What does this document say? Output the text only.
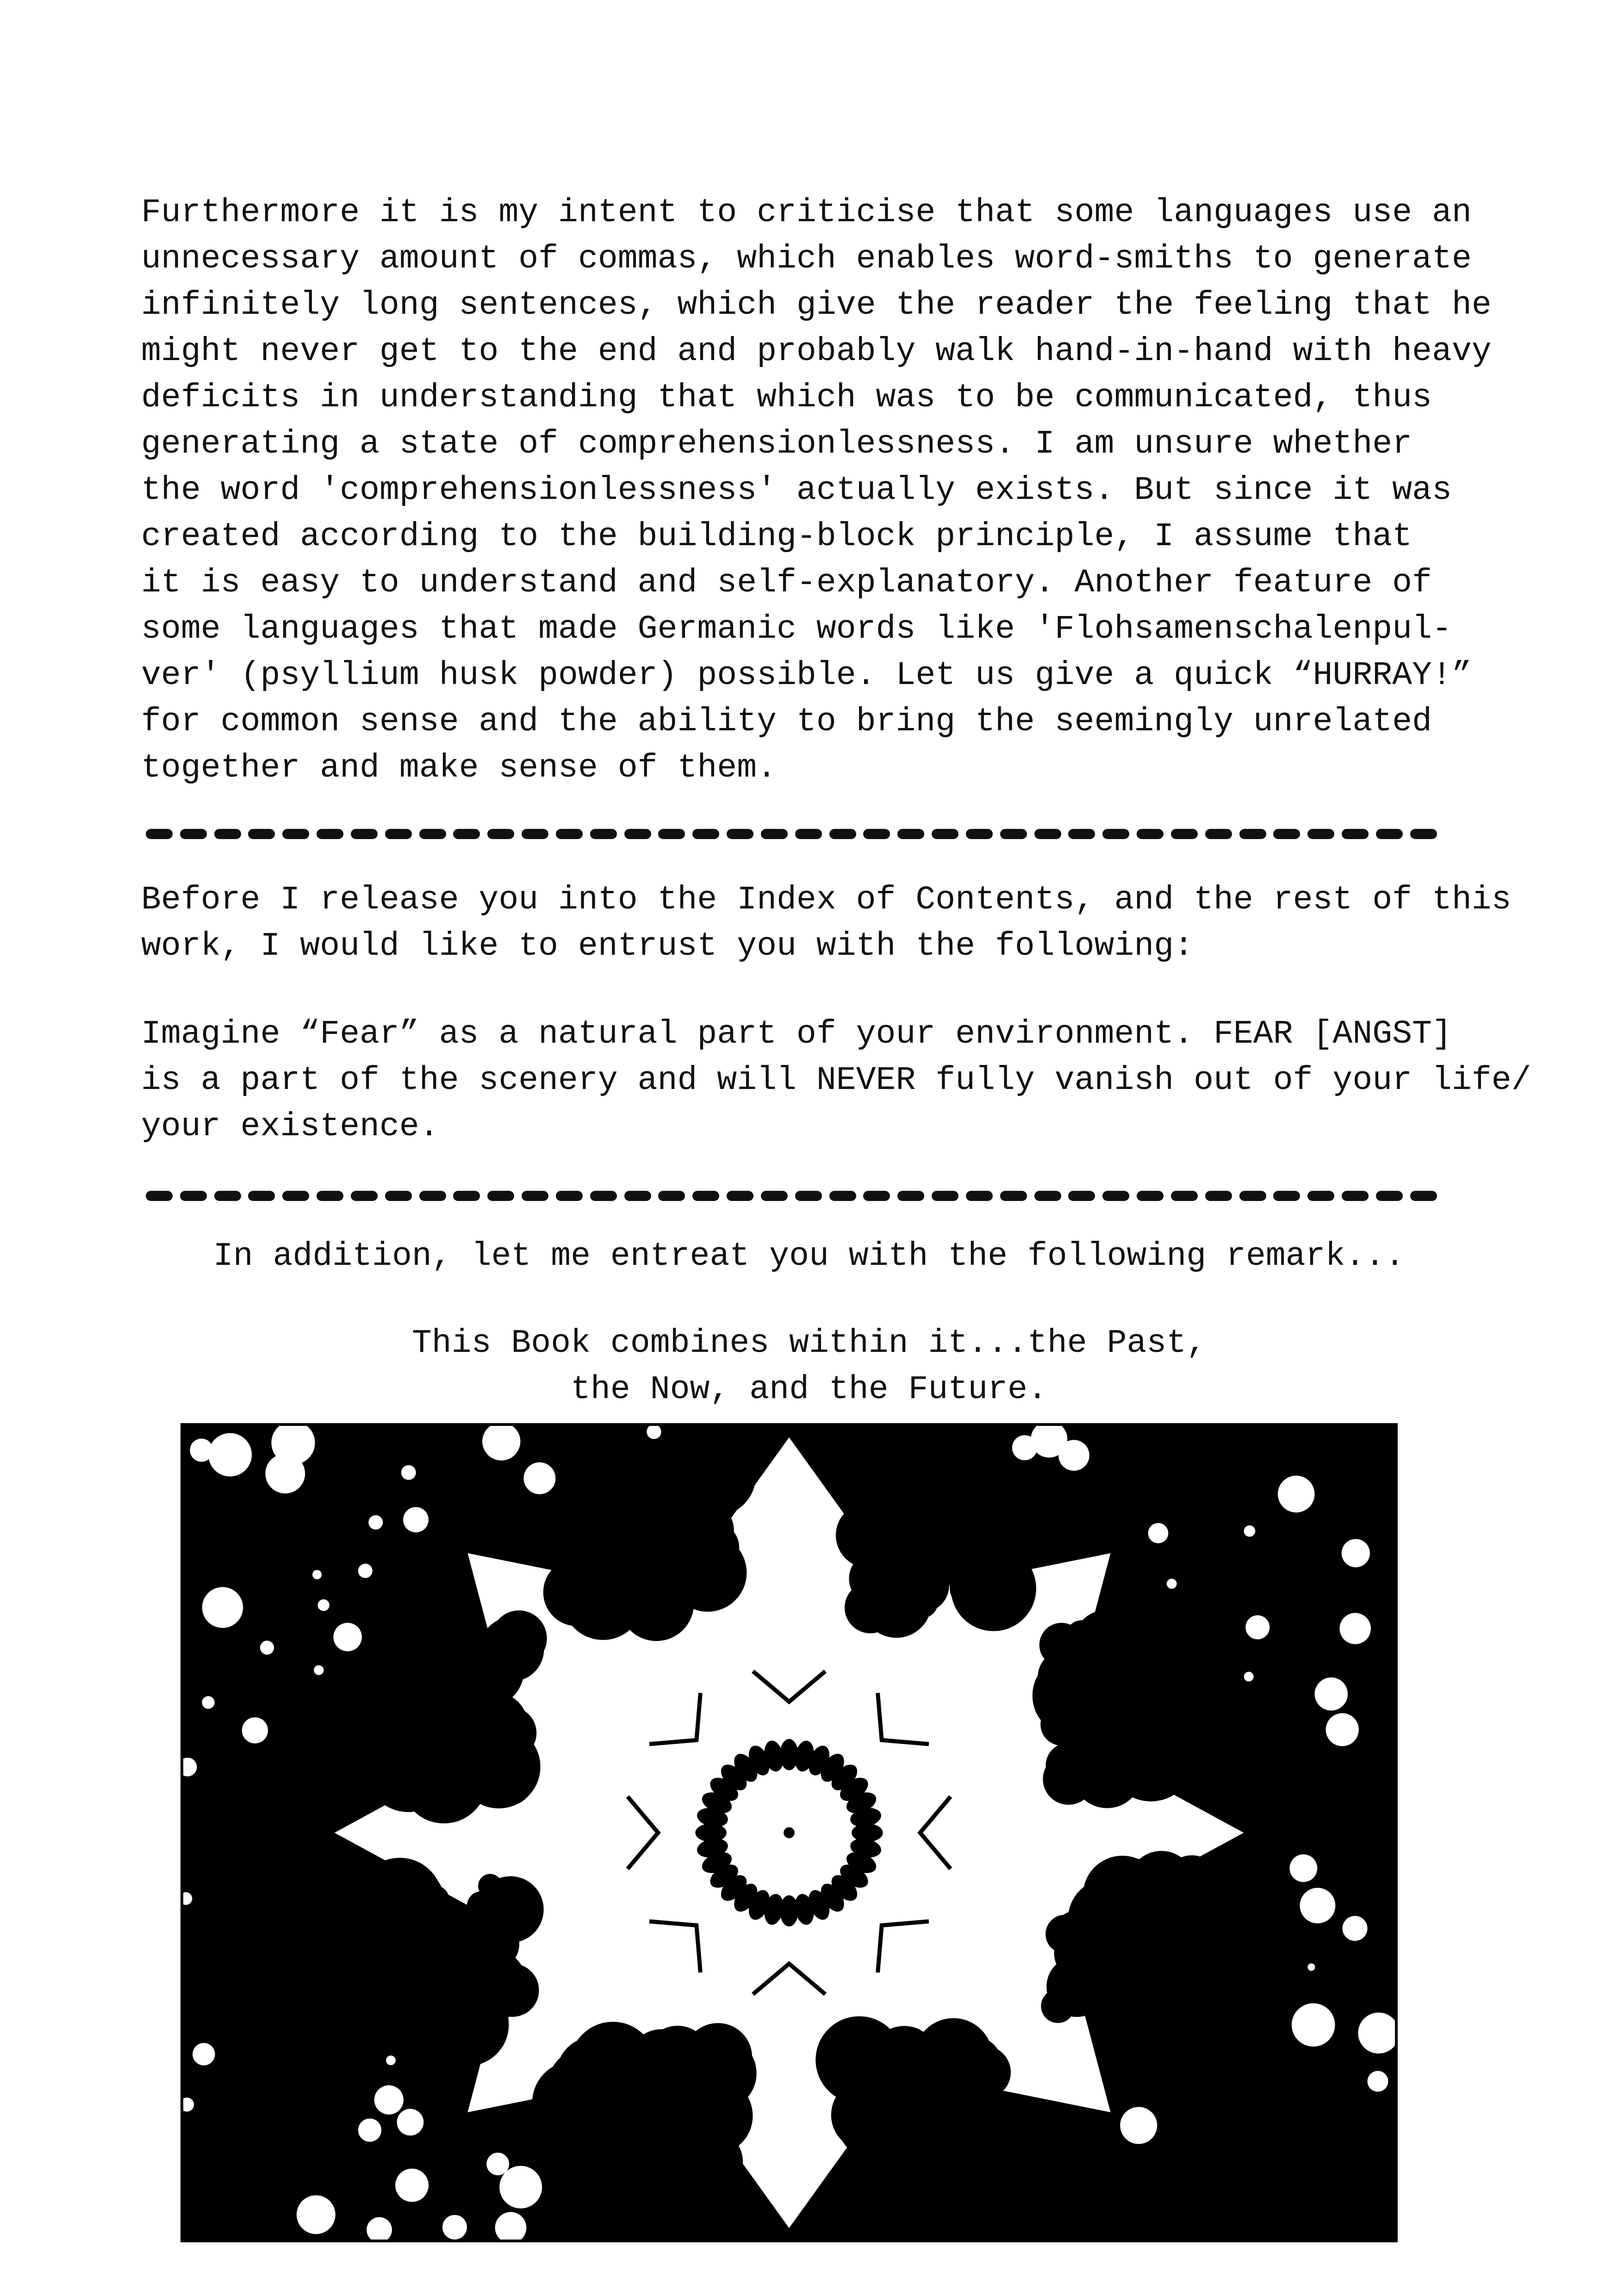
Furthermore it is my intent to criticise that some languages use an
unnecessary amount of commas, which enables word-smiths to generate
infinitely long sentences, which give the reader the feeling that he
might never get to the end and probably walk hand-in-hand with heavy
deficits in understanding that which was to be communicated, thus
generating a state of comprehensionlessness. I am unsure whether
the word 'comprehensionlessness' actually exists. But since it was
created according to the building-block principle, I assume that
it is easy to understand and self-explanatory. Another feature of
some languages that made Germanic words like 'Flohsamenschalenpul-
ver' (psyllium husk powder) possible. Let us give a quick “HURRAY!”
for common sense and the ability to bring the seemingly unrelated
together and make sense of them.
Before I release you into the Index of Contents, and the rest of this
work, I would like to entrust you with the following:
Imagine “Fear” as a natural part of your environment. FEAR [ANGST]
is a part of the scenery and will NEVER fully vanish out of your life/
your existence.

In addition, let me entreat you with the following remark...

This Book combines within it...the Past,

the Now, and the Future.
